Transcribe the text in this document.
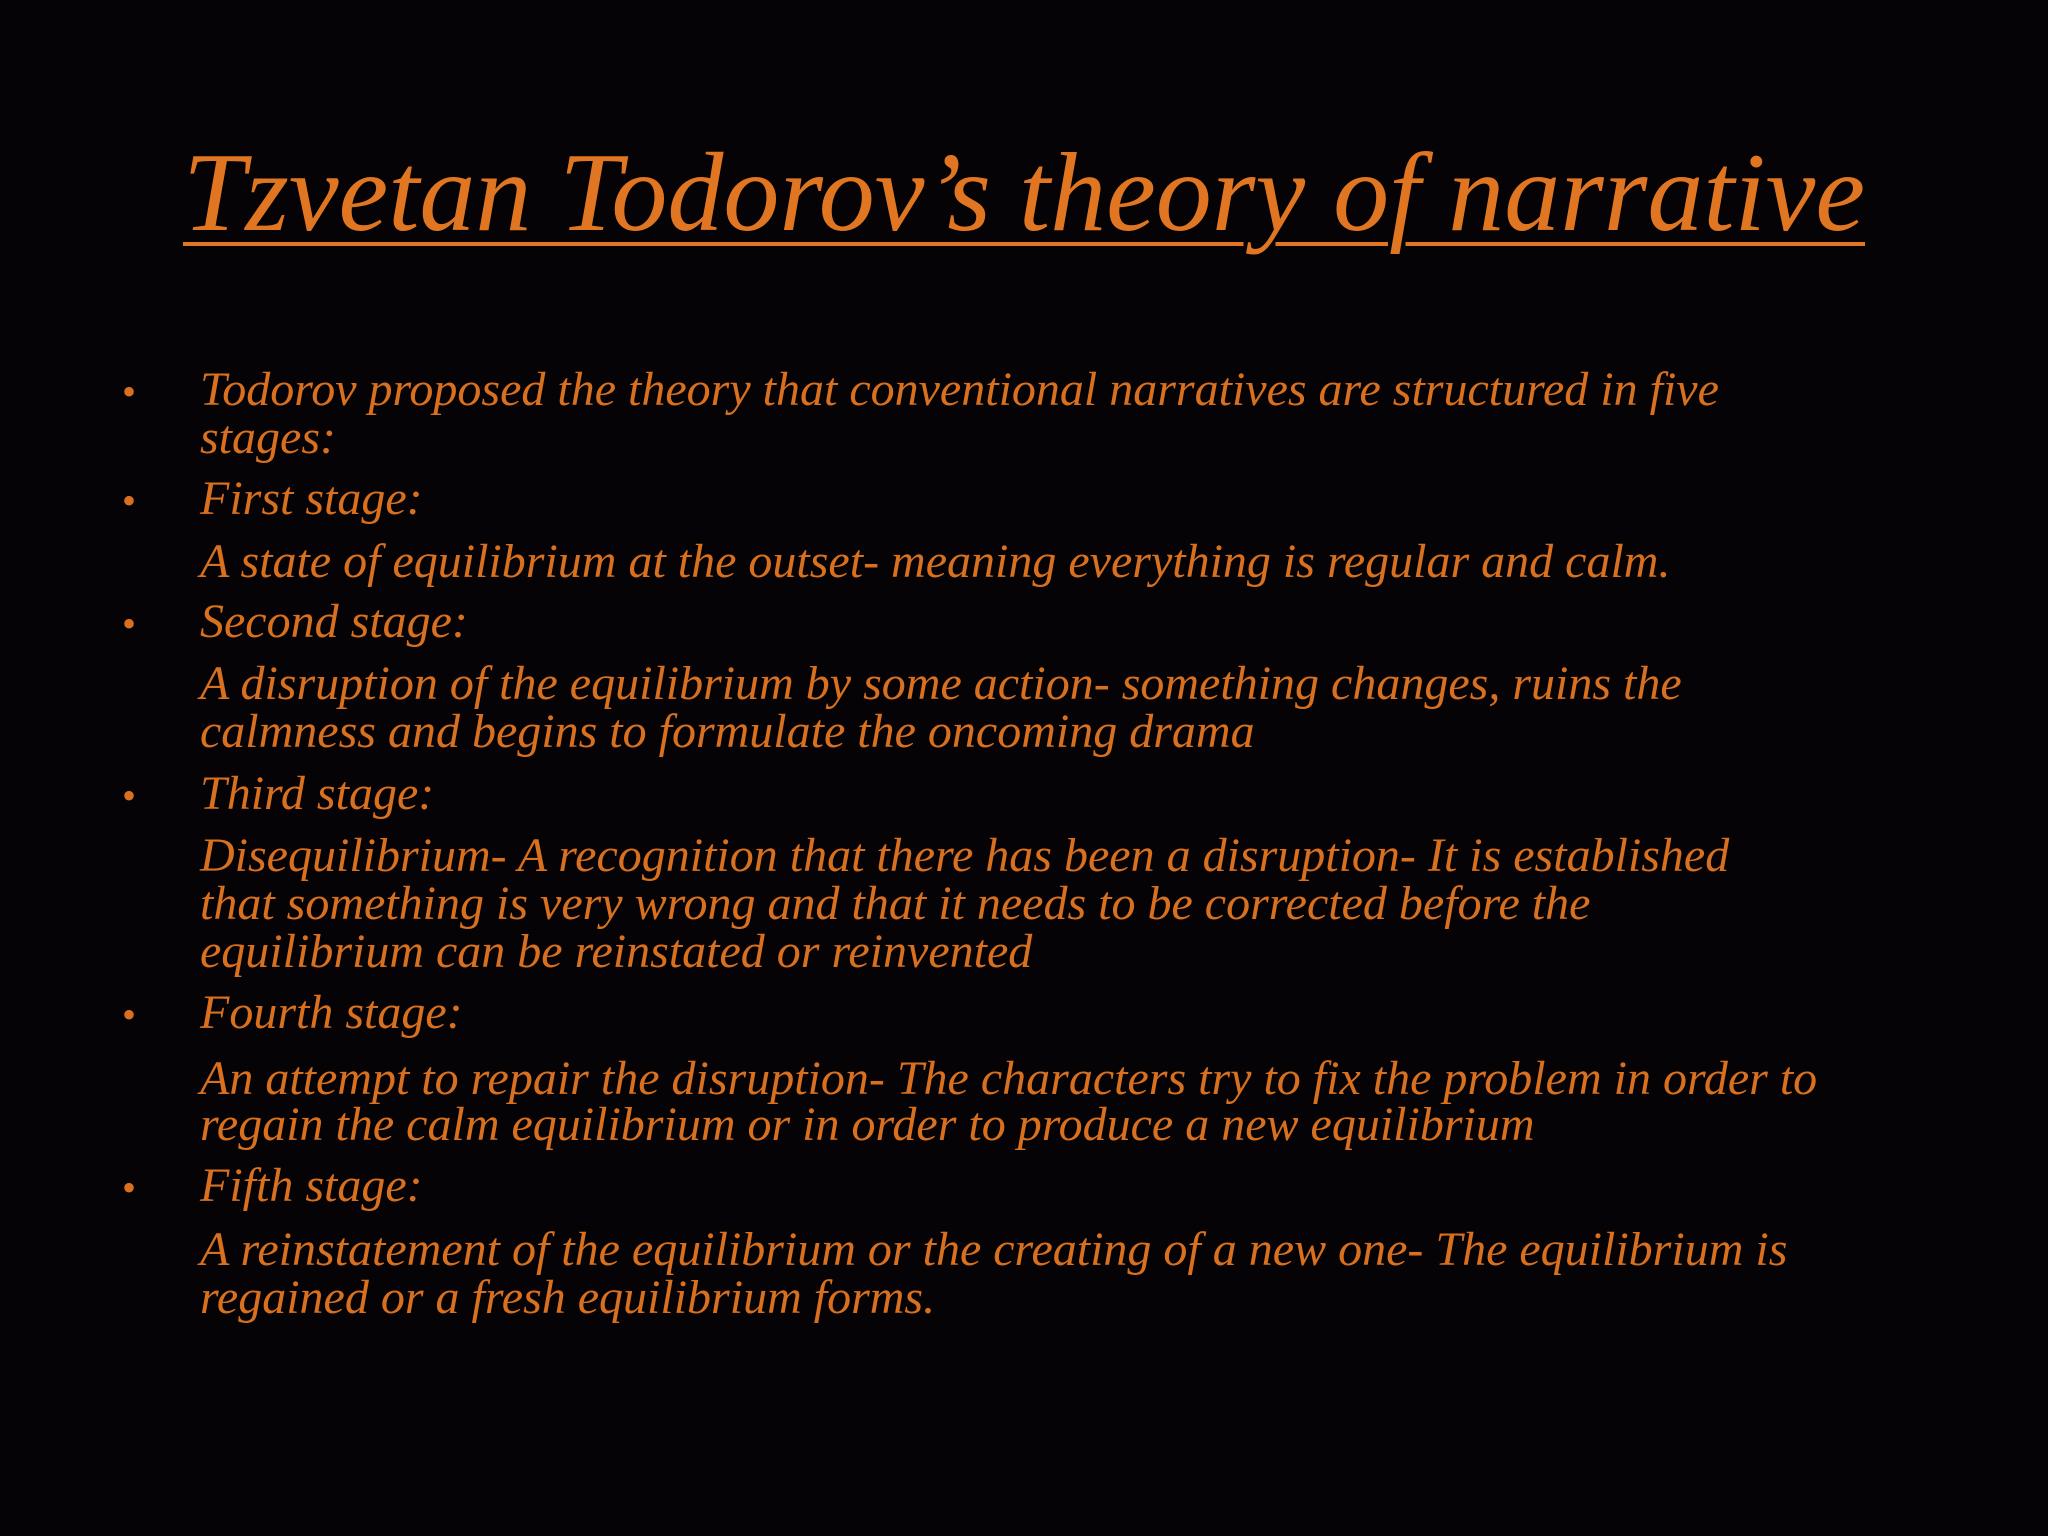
Tzvetan Todorov’s theory of narrative
• Todorov proposed the theory that conventional narratives are structured in five
stages:
• First stage:
A state of equilibrium at the outset- meaning everything is regular and calm.
• Second stage:
A disruption of the equilibrium by some action- something changes, ruins the
calmness and begins to formulate the oncoming drama
• Third stage:
Disequilibrium- A recognition that there has been a disruption- It is established
that something is very wrong and that it needs to be corrected before the
equilibrium can be reinstated or reinvented
• Fourth stage:
An attempt to repair the disruption- The characters try to fix the problem in order to
regain the calm equilibrium or in order to produce a new equilibrium
• Fifth stage:
A reinstatement of the equilibrium or the creating of a new one- The equilibrium is
regained or a fresh equilibrium forms.
